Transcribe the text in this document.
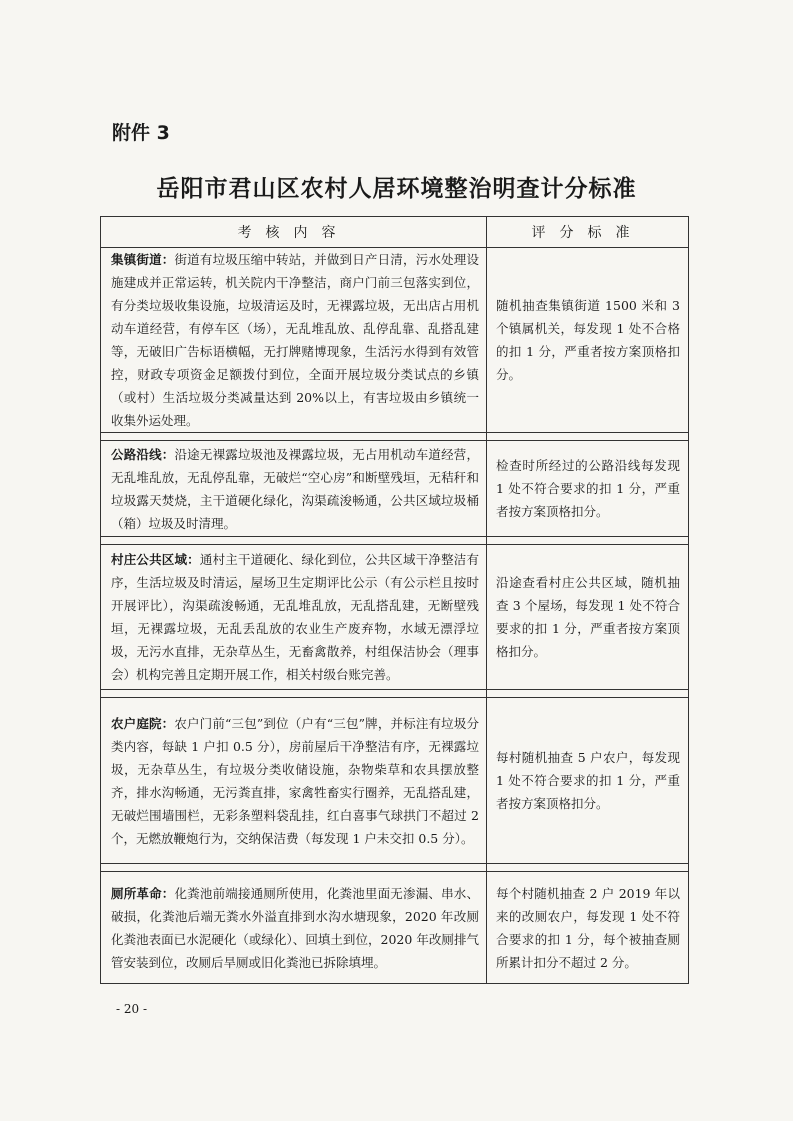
附件 3
岳阳市君山区农村人居环境整治明查计分标准
考核内容	评分标准
集镇街道：街道有垃圾压缩中转站，并做到日产日清，污水处理设施建成并正常运转，机关院内干净整洁，商户门前三包落实到位，有分类垃圾收集设施，垃圾清运及时，无裸露垃圾，无出店占用机动车道经营，有停车区（场），无乱堆乱放、乱停乱靠、乱搭乱建等，无破旧广告标语横幅，无打牌赌博现象，生活污水得到有效管控，财政专项资金足额拨付到位，全面开展垃圾分类试点的乡镇（或村）生活垃圾分类减量达到 20%以上，有害垃圾由乡镇统一收集外运处理。	随机抽查集镇街道 1500 米和 3 个镇属机关，每发现 1 处不合格的扣 1 分，严重者按方案顶格扣分。

公路沿线：沿途无裸露垃圾池及裸露垃圾，无占用机动车道经营，无乱堆乱放，无乱停乱靠，无破烂“空心房”和断壁残垣，无秸秆和垃圾露天焚烧，主干道硬化绿化，沟渠疏浚畅通，公共区域垃圾桶（箱）垃圾及时清理。	检查时所经过的公路沿线每发现 1 处不符合要求的扣 1 分，严重者按方案顶格扣分。

村庄公共区域：通村主干道硬化、绿化到位，公共区域干净整洁有序，生活垃圾及时清运，屋场卫生定期评比公示（有公示栏且按时开展评比），沟渠疏浚畅通，无乱堆乱放，无乱搭乱建，无断壁残垣，无裸露垃圾，无乱丢乱放的农业生产废弃物，水域无漂浮垃圾，无污水直排，无杂草丛生，无畜禽散养，村组保洁协会（理事会）机构完善且定期开展工作，相关村级台账完善。	沿途查看村庄公共区域，随机抽查 3 个屋场，每发现 1 处不符合要求的扣 1 分，严重者按方案顶格扣分。

农户庭院：农户门前“三包”到位（户有“三包”牌，并标注有垃圾分类内容，每缺 1 户扣 0.5 分），房前屋后干净整洁有序，无裸露垃圾，无杂草丛生，有垃圾分类收储设施，杂物柴草和农具摆放整齐，排水沟畅通，无污粪直排，家禽牲畜实行圈养，无乱搭乱建，无破烂围墙围栏，无彩条塑料袋乱挂，红白喜事气球拱门不超过 2 个，无燃放鞭炮行为，交纳保洁费（每发现 1 户未交扣 0.5 分）。	每村随机抽查 5 户农户，每发现 1 处不符合要求的扣 1 分，严重者按方案顶格扣分。

厕所革命：化粪池前端接通厕所使用，化粪池里面无渗漏、串水、破损，化粪池后端无粪水外溢直排到水沟水塘现象，2020 年改厕化粪池表面已水泥硬化（或绿化）、回填土到位，2020 年改厕排气管安装到位，改厕后旱厕或旧化粪池已拆除填埋。	每个村随机抽查 2 户 2019 年以来的改厕农户，每发现 1 处不符合要求的扣 1 分，每个被抽查厕所累计扣分不超过 2 分。
- 20 -
